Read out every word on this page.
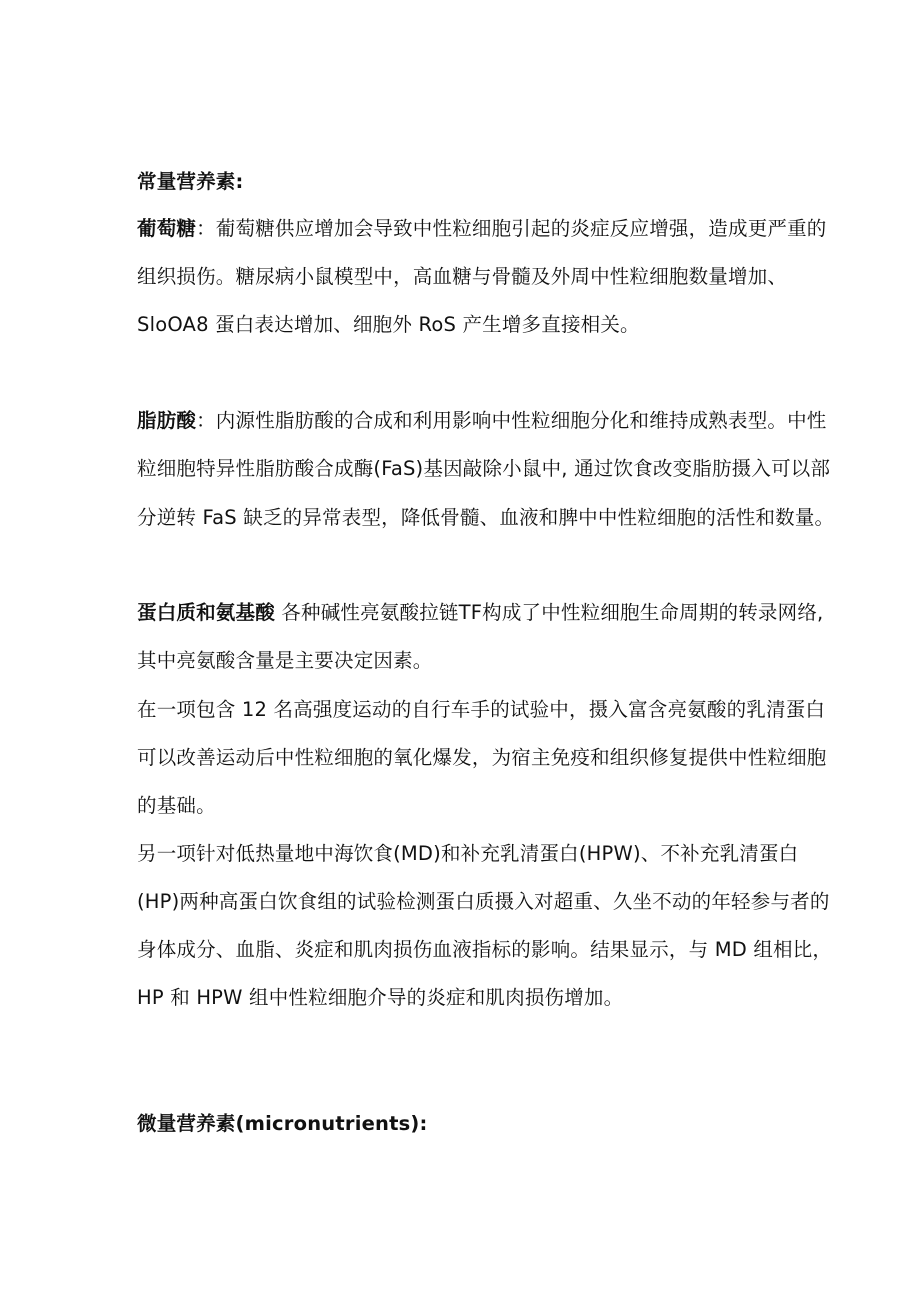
常量营养素:
葡萄糖：葡萄糖供应增加会导致中性粒细胞引起的炎症反应增强，造成更严重的
组织损伤。糖尿病小鼠模型中，高血糖与骨髓及外周中性粒细胞数量增加、
SloOA8 蛋白表达增加、细胞外 RoS 产生增多直接相关。
脂肪酸：内源性脂肪酸的合成和利用影响中性粒细胞分化和维持成熟表型。中性
粒细胞特异性脂肪酸合成酶(FaS)基因敲除小鼠中, 通过饮食改变脂肪摄入可以部
分逆转 FaS 缺乏的异常表型，降低骨髓、血液和脾中中性粒细胞的活性和数量。
蛋白质和氨基酸 各种碱性亮氨酸拉链TF构成了中性粒细胞生命周期的转录网络,
其中亮氨酸含量是主要决定因素。
在一项包含 12 名高强度运动的自行车手的试验中，摄入富含亮氨酸的乳清蛋白
可以改善运动后中性粒细胞的氧化爆发，为宿主免疫和组织修复提供中性粒细胞
的基础。
另一项针对低热量地中海饮食(MD)和补充乳清蛋白(HPW)、不补充乳清蛋白
(HP)两种高蛋白饮食组的试验检测蛋白质摄入对超重、久坐不动的年轻参与者的
身体成分、血脂、炎症和肌肉损伤血液指标的影响。结果显示，与 MD 组相比，
HP 和 HPW 组中性粒细胞介导的炎症和肌肉损伤增加。
微量营养素(micronutrients):
